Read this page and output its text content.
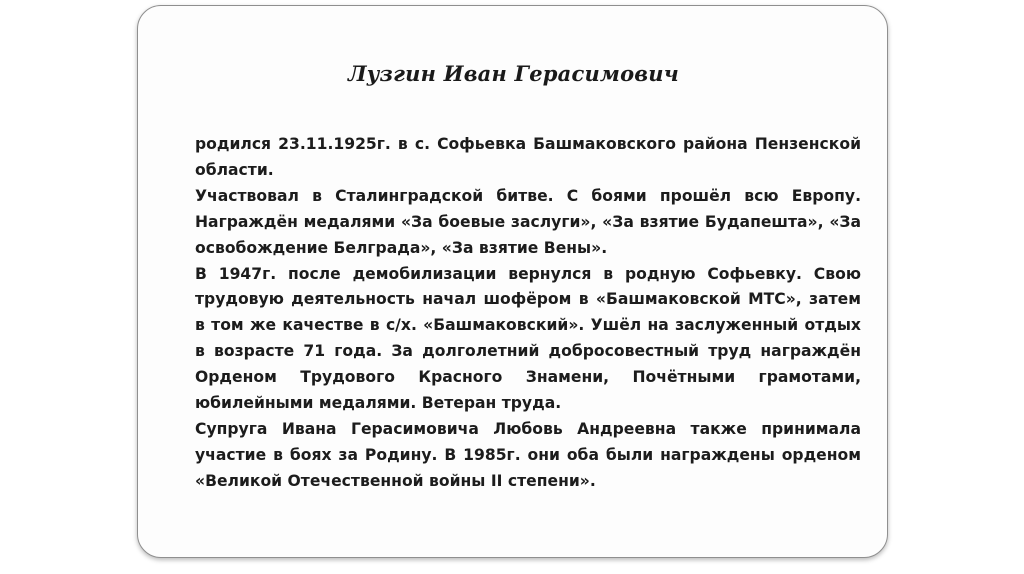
Лузгин Иван Герасимович

родился 23.11.1925г. в с. Софьевка Башмаковского района Пензенской области.

Участвовал в Сталинградской битве. С боями прошёл всю Европу. Награждён медалями «За боевые заслуги», «За взятие Будапешта», «За освобождение Белграда», «За взятие Вены».

В 1947г. после демобилизации вернулся в родную Софьевку. Свою трудовую деятельность начал шофёром в «Башмаковской МТС», затем в том же качестве в с/х. «Башмаковский». Ушёл на заслуженный отдых в возрасте 71 года. За долголетний добросовестный труд награждён Орденом Трудового Красного Знамени, Почётными грамотами, юбилейными медалями. Ветеран труда.

Супруга Ивана Герасимовича Любовь Андреевна также принимала участие в боях за Родину. В 1985г. они оба были награждены орденом «Великой Отечественной войны II степени».
